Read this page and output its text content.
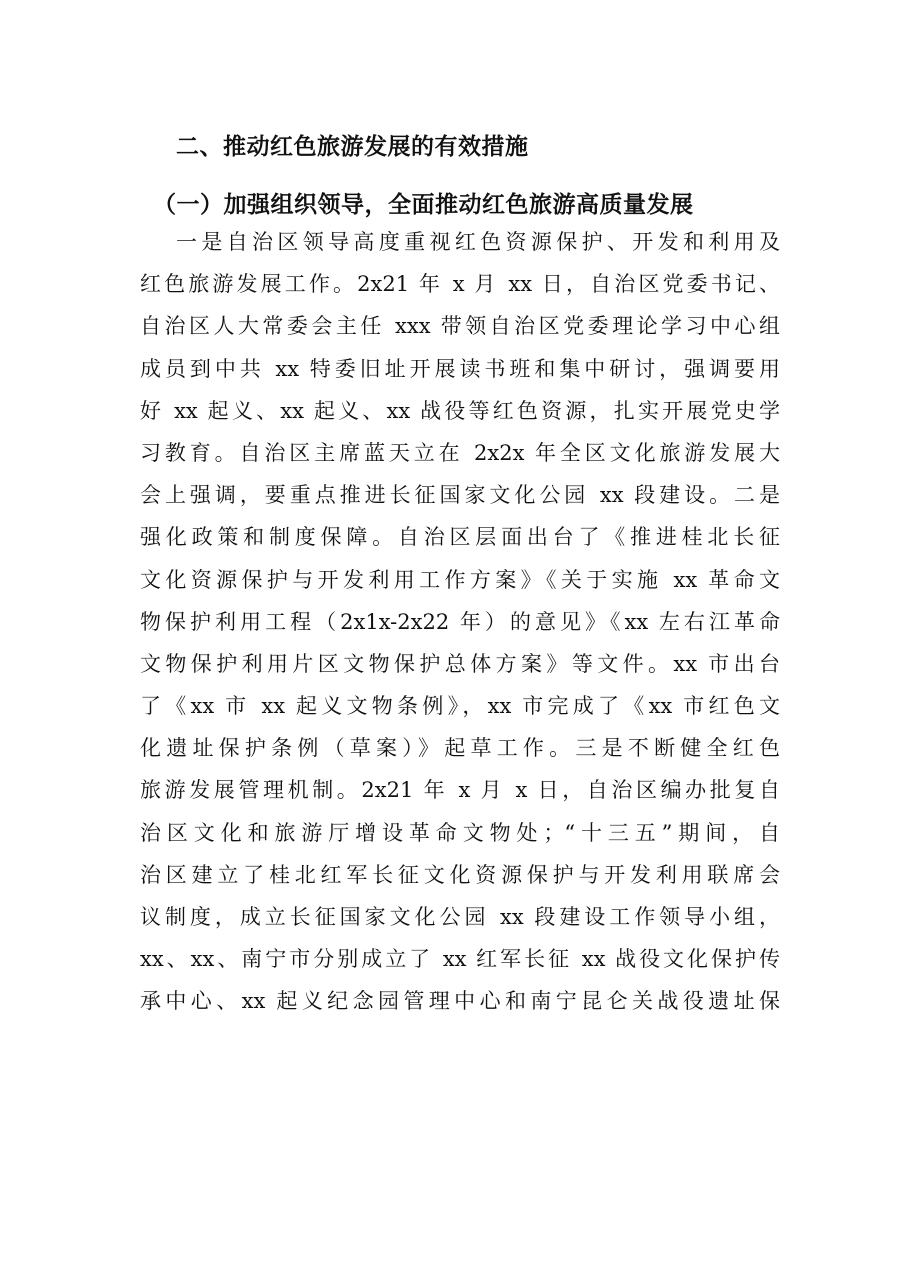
二、推动红色旅游发展的有效措施
（一）加强组织领导，全面推动红色旅游高质量发展
一是自治区领导高度重视红色资源保护、开发和利用及
红色旅游发展工作。2x21 年 x 月 xx 日，自治区党委书记、
自治区人大常委会主任 xxx 带领自治区党委理论学习中心组
成员到中共 xx 特委旧址开展读书班和集中研讨，强调要用
好 xx 起义、xx 起义、xx 战役等红色资源，扎实开展党史学
习教育。自治区主席蓝天立在 2x2x 年全区文化旅游发展大
会上强调，要重点推进长征国家文化公园 xx 段建设。二是
强化政策和制度保障。自治区层面出台了《推进桂北长征
文化资源保护与开发利用工作方案》《关于实施 xx 革命文
物保护利用工程（2x1x-2x22 年）的意见》《xx 左右江革命
文物保护利用片区文物保护总体方案》等文件。xx 市出台
了《xx 市 xx 起义文物条例》，xx 市完成了《xx 市红色文
化遗址保护条例（草案）》起草工作。三是不断健全红色
旅游发展管理机制。2x21 年 x 月 x 日，自治区编办批复自
治区文化和旅游厅增设革命文物处；“十三五”期间，自
治区建立了桂北红军长征文化资源保护与开发利用联席会
议制度，成立长征国家文化公园 xx 段建设工作领导小组，
xx、xx、南宁市分别成立了 xx 红军长征 xx 战役文化保护传
承中心、xx 起义纪念园管理中心和南宁昆仑关战役遗址保
